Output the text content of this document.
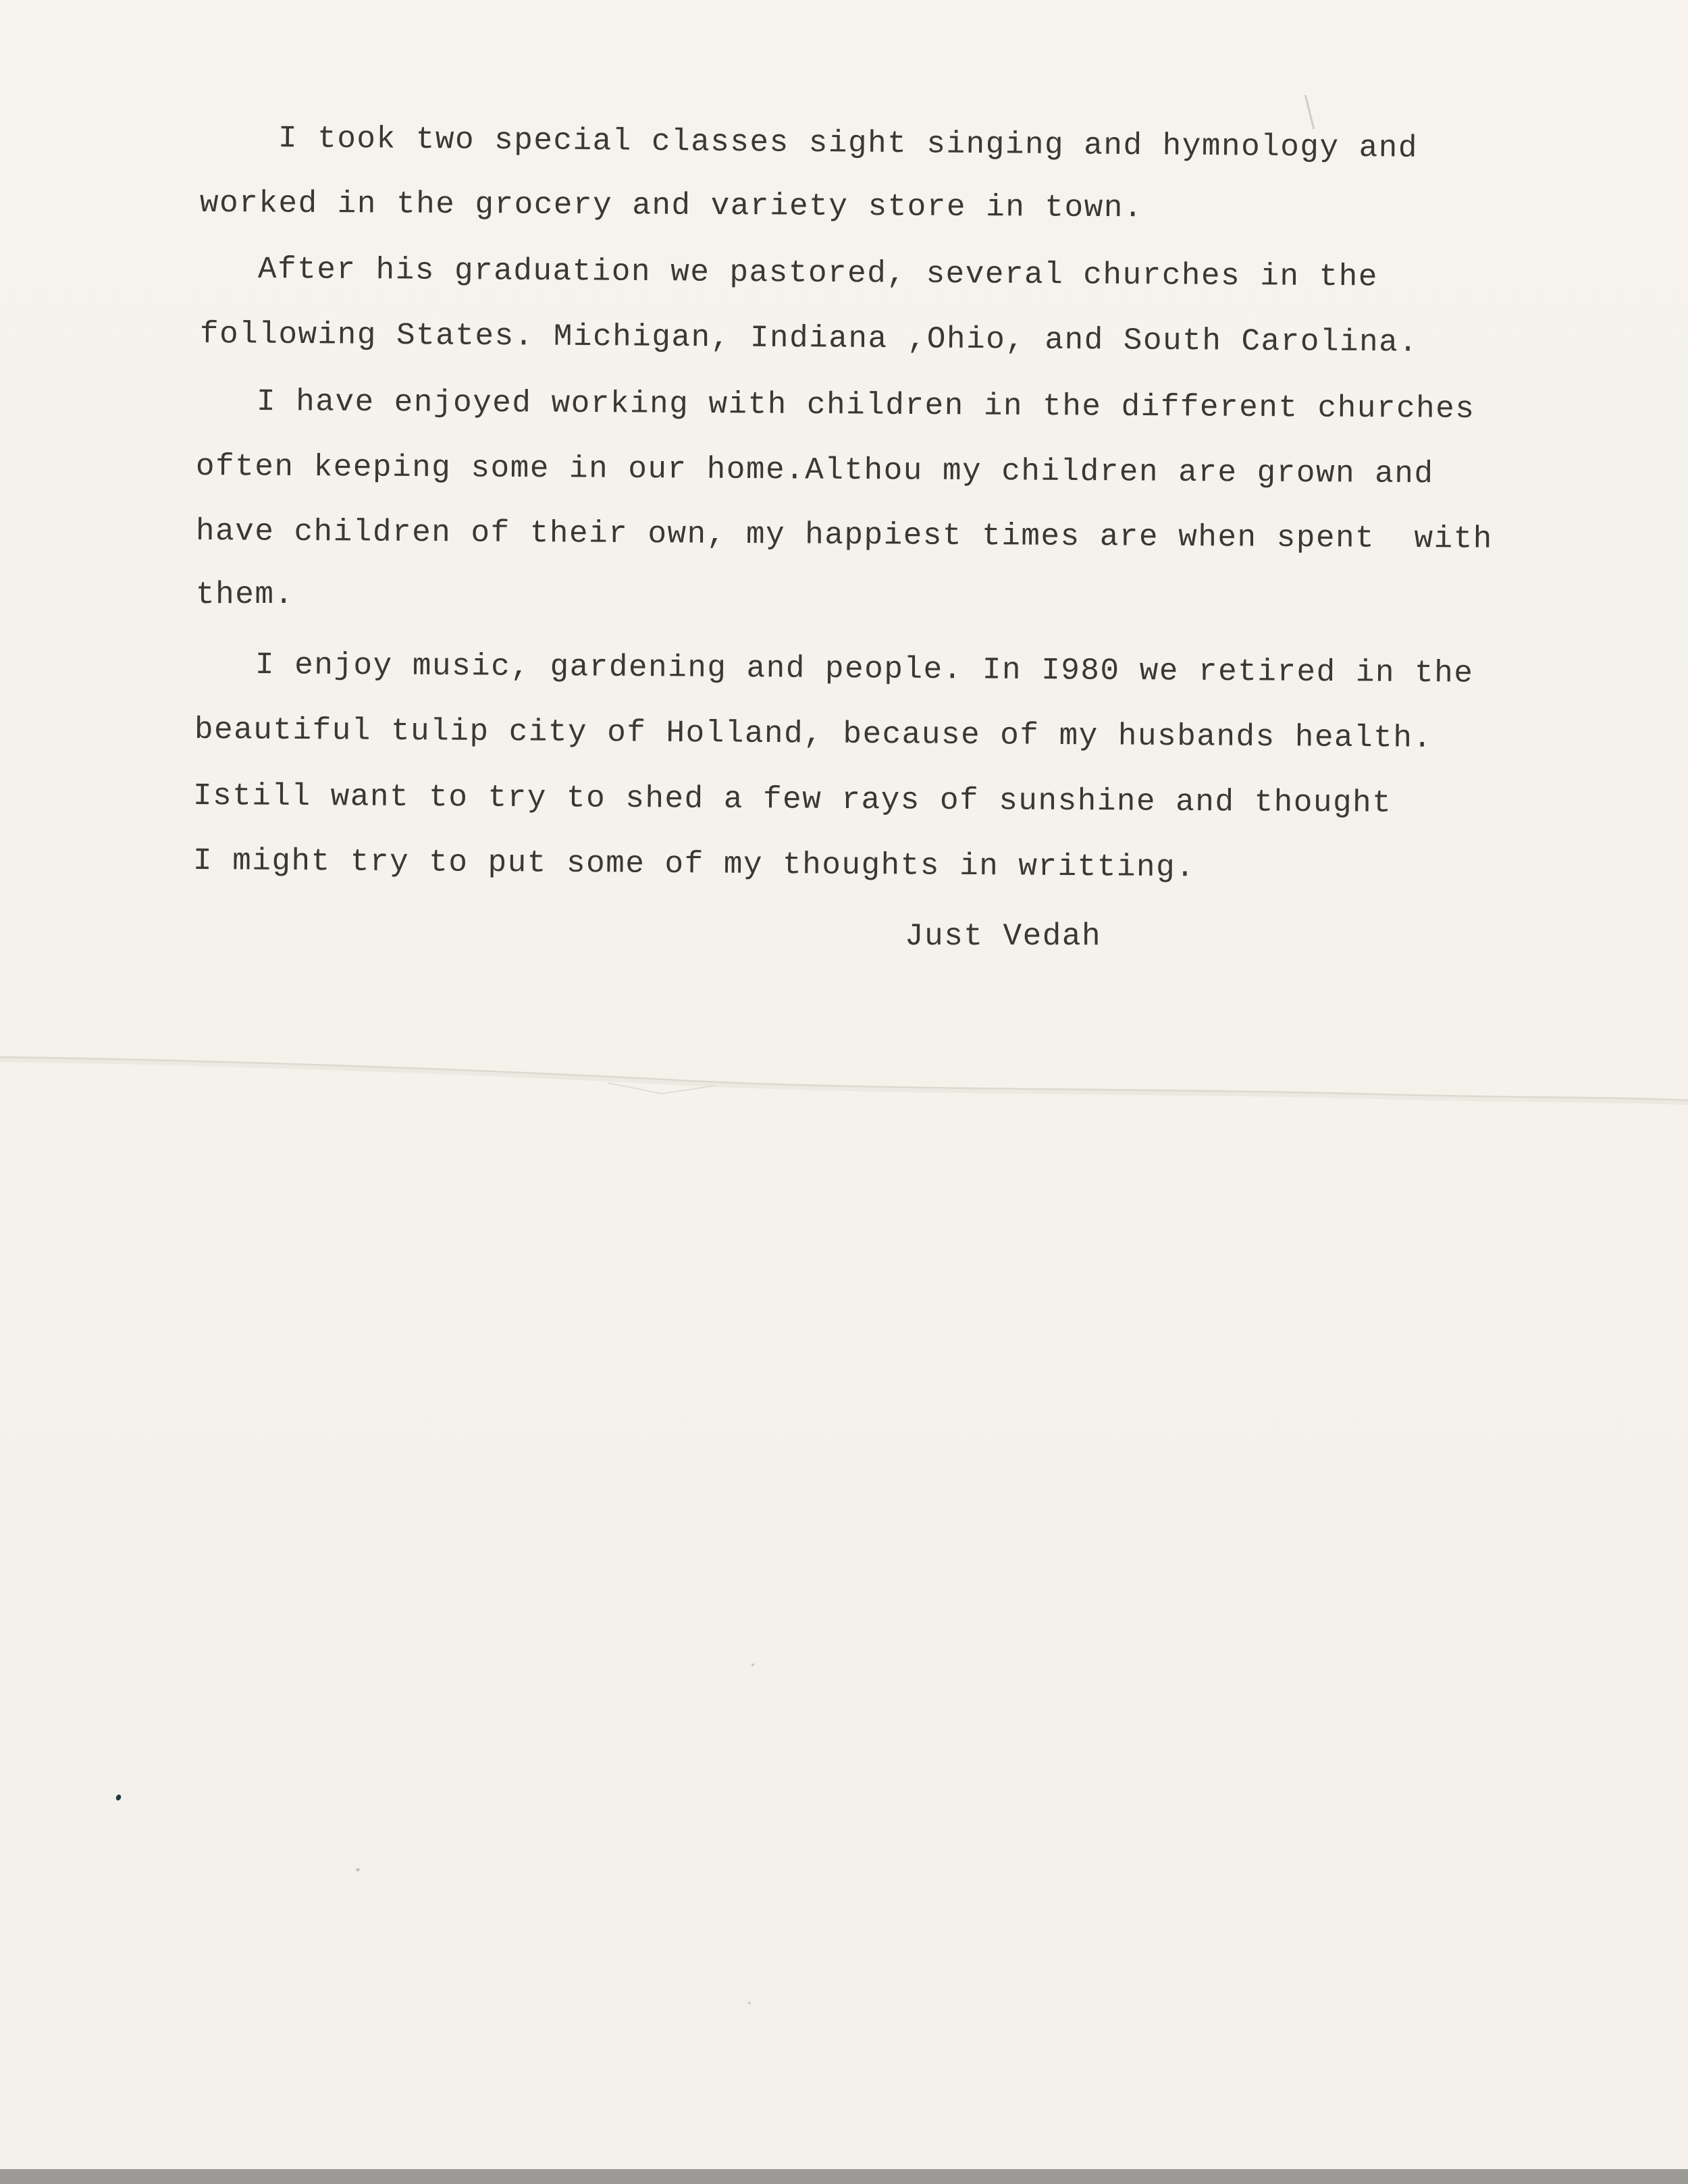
I took two special classes sight singing and hymnology and
worked in the grocery and variety store in town.
After his graduation we pastored, several churches in the
following States. Michigan, Indiana ,Ohio, and South Carolina.
I have enjoyed working with children in the different churches
often keeping some in our home.Althou my children are grown and
have children of their own, my happiest times are when spent  with
them.
I enjoy music, gardening and people. In I980 we retired in the
beautiful tulip city of Holland, because of my husbands health.
Istill want to try to shed a few rays of sunshine and thought
I might try to put some of my thoughts in writting.
Just Vedah
